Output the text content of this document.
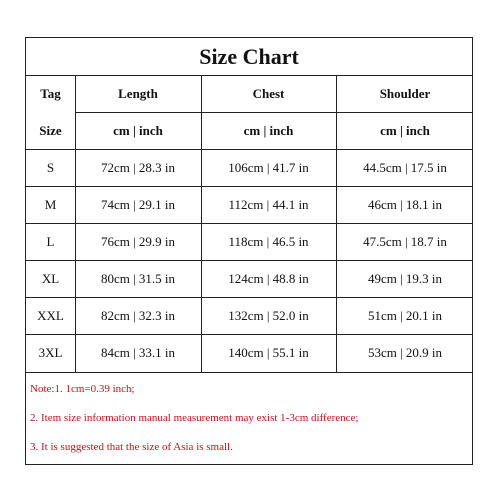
Size Chart
Tag
Size
Length	Chest	Shoulder
cm | inch	cm | inch	cm | inch
S	72cm | 28.3 in	106cm | 41.7 in	44.5cm | 17.5 in
M	74cm | 29.1 in	112cm | 44.1 in	46cm | 18.1 in
L	76cm | 29.9 in	118cm | 46.5 in	47.5cm | 18.7 in
XL	80cm | 31.5 in	124cm | 48.8 in	49cm | 19.3 in
XXL	82cm | 32.3 in	132cm | 52.0 in	51cm | 20.1 in
3XL	84cm | 33.1 in	140cm | 55.1 in	53cm | 20.9 in
Note:1. 1cm=0.39 inch;
2. Item size information manual measurement may exist 1-3cm difference;
3. It is suggested that the size of Asia is small.
